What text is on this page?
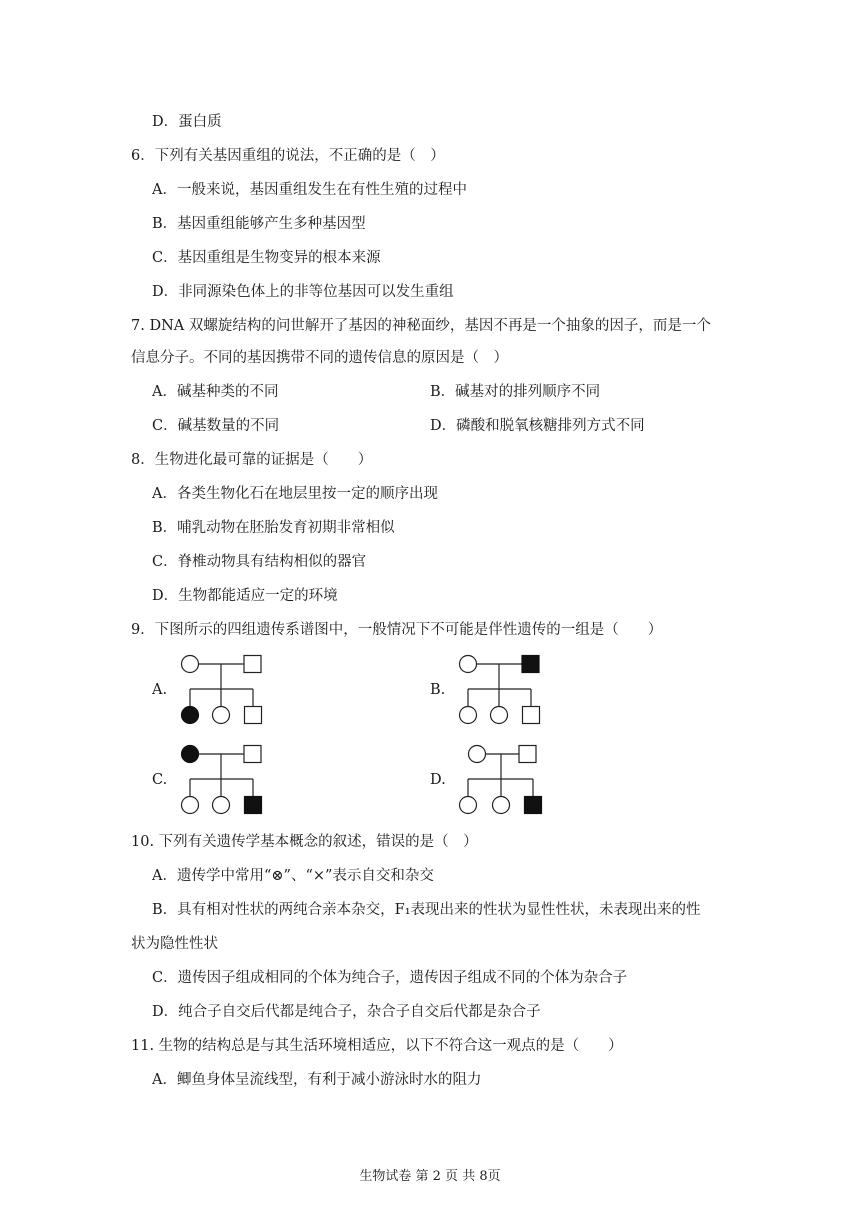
D．蛋白质
6．下列有关基因重组的说法，不正确的是（　）
A．一般来说，基因重组发生在有性生殖的过程中
B．基因重组能够产生多种基因型
C．基因重组是生物变异的根本来源
D．非同源染色体上的非等位基因可以发生重组
7. DNA 双螺旋结构的问世解开了基因的神秘面纱，基因不再是一个抽象的因子，而是一个
信息分子。不同的基因携带不同的遗传信息的原因是（　）
A．碱基种类的不同	B．碱基对的排列顺序不同
C．碱基数量的不同	D．磷酸和脱氧核糖排列方式不同
8．生物进化最可靠的证据是（　　）
A．各类生物化石在地层里按一定的顺序出现
B．哺乳动物在胚胎发育初期非常相似
C．脊椎动物具有结构相似的器官
D．生物都能适应一定的环境
9．下图所示的四组遗传系谱图中，一般情况下不可能是伴性遗传的一组是（　　）
A.	B.
C.	D.
10. 下列有关遗传学基本概念的叙述，错误的是（　）
A．遗传学中常用“⊗”、“×”表示自交和杂交
B．具有相对性状的两纯合亲本杂交，F₁表现出来的性状为显性性状，未表现出来的性
状为隐性性状
C．遗传因子组成相同的个体为纯合子，遗传因子组成不同的个体为杂合子
D．纯合子自交后代都是纯合子，杂合子自交后代都是杂合子
11. 生物的结构总是与其生活环境相适应，以下不符合这一观点的是（　　）
A．鲫鱼身体呈流线型，有利于减小游泳时水的阻力
生物试卷 第 2 页 共 8页
